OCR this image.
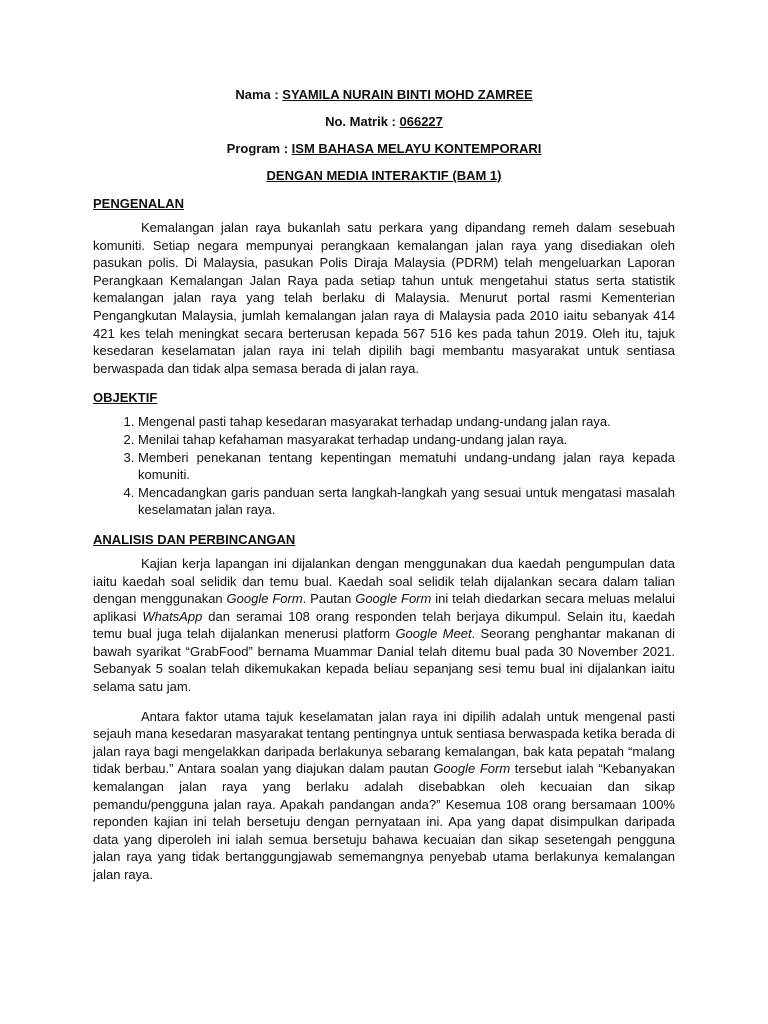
Nama : SYAMILA NURAIN BINTI MOHD ZAMREE
No. Matrik : 066227
Program : ISM BAHASA MELAYU KONTEMPORARI
DENGAN MEDIA INTERAKTIF (BAM 1)
PENGENALAN

Kemalangan jalan raya bukanlah satu perkara yang dipandang remeh dalam sesebuah komuniti. Setiap negara mempunyai perangkaan kemalangan jalan raya yang disediakan oleh pasukan polis. Di Malaysia, pasukan Polis Diraja Malaysia (PDRM) telah mengeluarkan Laporan Perangkaan Kemalangan Jalan Raya pada setiap tahun untuk mengetahui status serta statistik kemalangan jalan raya yang telah berlaku di Malaysia. Menurut portal rasmi Kementerian Pengangkutan Malaysia, jumlah kemalangan jalan raya di Malaysia pada 2010 iaitu sebanyak 414 421 kes telah meningkat secara berterusan kepada 567 516 kes pada tahun 2019. Oleh itu, tajuk kesedaran keselamatan jalan raya ini telah dipilih bagi membantu masyarakat untuk sentiasa berwaspada dan tidak alpa semasa berada di jalan raya.

OBJEKTIF
1. Mengenal pasti tahap kesedaran masyarakat terhadap undang-undang jalan raya.
2. Menilai tahap kefahaman masyarakat terhadap undang-undang jalan raya.
3. Memberi penekanan tentang kepentingan mematuhi undang-undang jalan raya kepada komuniti.
4. Mencadangkan garis panduan serta langkah-langkah yang sesuai untuk mengatasi masalah keselamatan jalan raya.
ANALISIS DAN PERBINCANGAN

Kajian kerja lapangan ini dijalankan dengan menggunakan dua kaedah pengumpulan data iaitu kaedah soal selidik dan temu bual. Kaedah soal selidik telah dijalankan secara dalam talian dengan menggunakan Google Form. Pautan Google Form ini telah diedarkan secara meluas melalui aplikasi WhatsApp dan seramai 108 orang responden telah berjaya dikumpul. Selain itu, kaedah temu bual juga telah dijalankan menerusi platform Google Meet. Seorang penghantar makanan di bawah syarikat “GrabFood” bernama Muammar Danial telah ditemu bual pada 30 November 2021. Sebanyak 5 soalan telah dikemukakan kepada beliau sepanjang sesi temu bual ini dijalankan iaitu selama satu jam.

Antara faktor utama tajuk keselamatan jalan raya ini dipilih adalah untuk mengenal pasti sejauh mana kesedaran masyarakat tentang pentingnya untuk sentiasa berwaspada ketika berada di jalan raya bagi mengelakkan daripada berlakunya sebarang kemalangan, bak kata pepatah “malang tidak berbau.” Antara soalan yang diajukan dalam pautan Google Form tersebut ialah “Kebanyakan kemalangan jalan raya yang berlaku adalah disebabkan oleh kecuaian dan sikap pemandu/pengguna jalan raya. Apakah pandangan anda?” Kesemua 108 orang bersamaan 100% reponden kajian ini telah bersetuju dengan pernyataan ini. Apa yang dapat disimpulkan daripada data yang diperoleh ini ialah semua bersetuju bahawa kecuaian dan sikap sesetengah pengguna jalan raya yang tidak bertanggungjawab sememangnya penyebab utama berlakunya kemalangan jalan raya.
